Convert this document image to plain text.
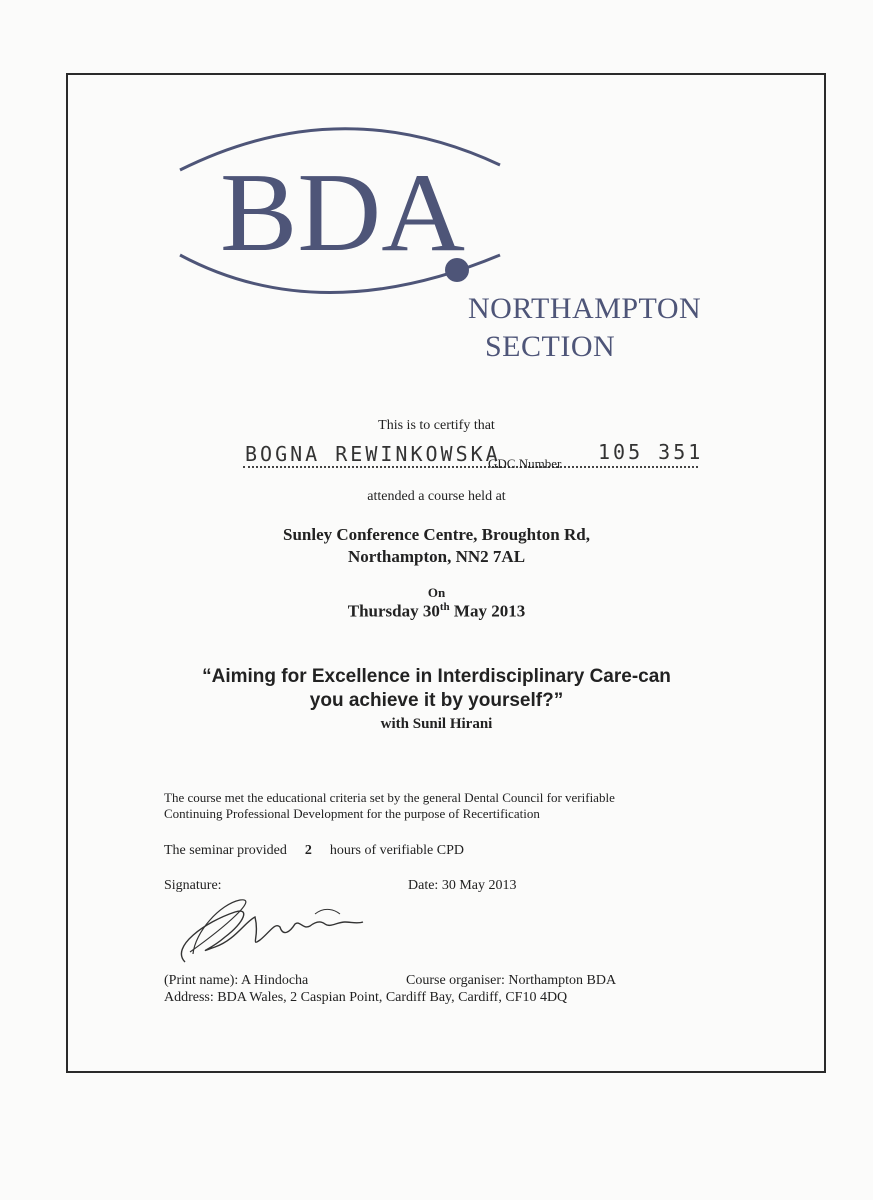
BDA
NORTHAMPTON
SECTION
This is to certify that
BOGNA REWINKOWSKA
GDC Number 105 351
attended a course held at
Sunley Conference Centre, Broughton Rd,
Northampton, NN2 7AL
On
Thursday 30th May 2013
“Aiming for Excellence in Interdisciplinary Care-can
you achieve it by yourself?”
with Sunil Hirani
The course met the educational criteria set by the general Dental Council for verifiable
Continuing Professional Development for the purpose of Recertification
The seminar provided 2 hours of verifiable CPD
Signature:	Date: 30 May 2013
(Print name): A Hindocha	Course organiser: Northampton BDA
Address: BDA Wales, 2 Caspian Point, Cardiff Bay, Cardiff, CF10 4DQ
